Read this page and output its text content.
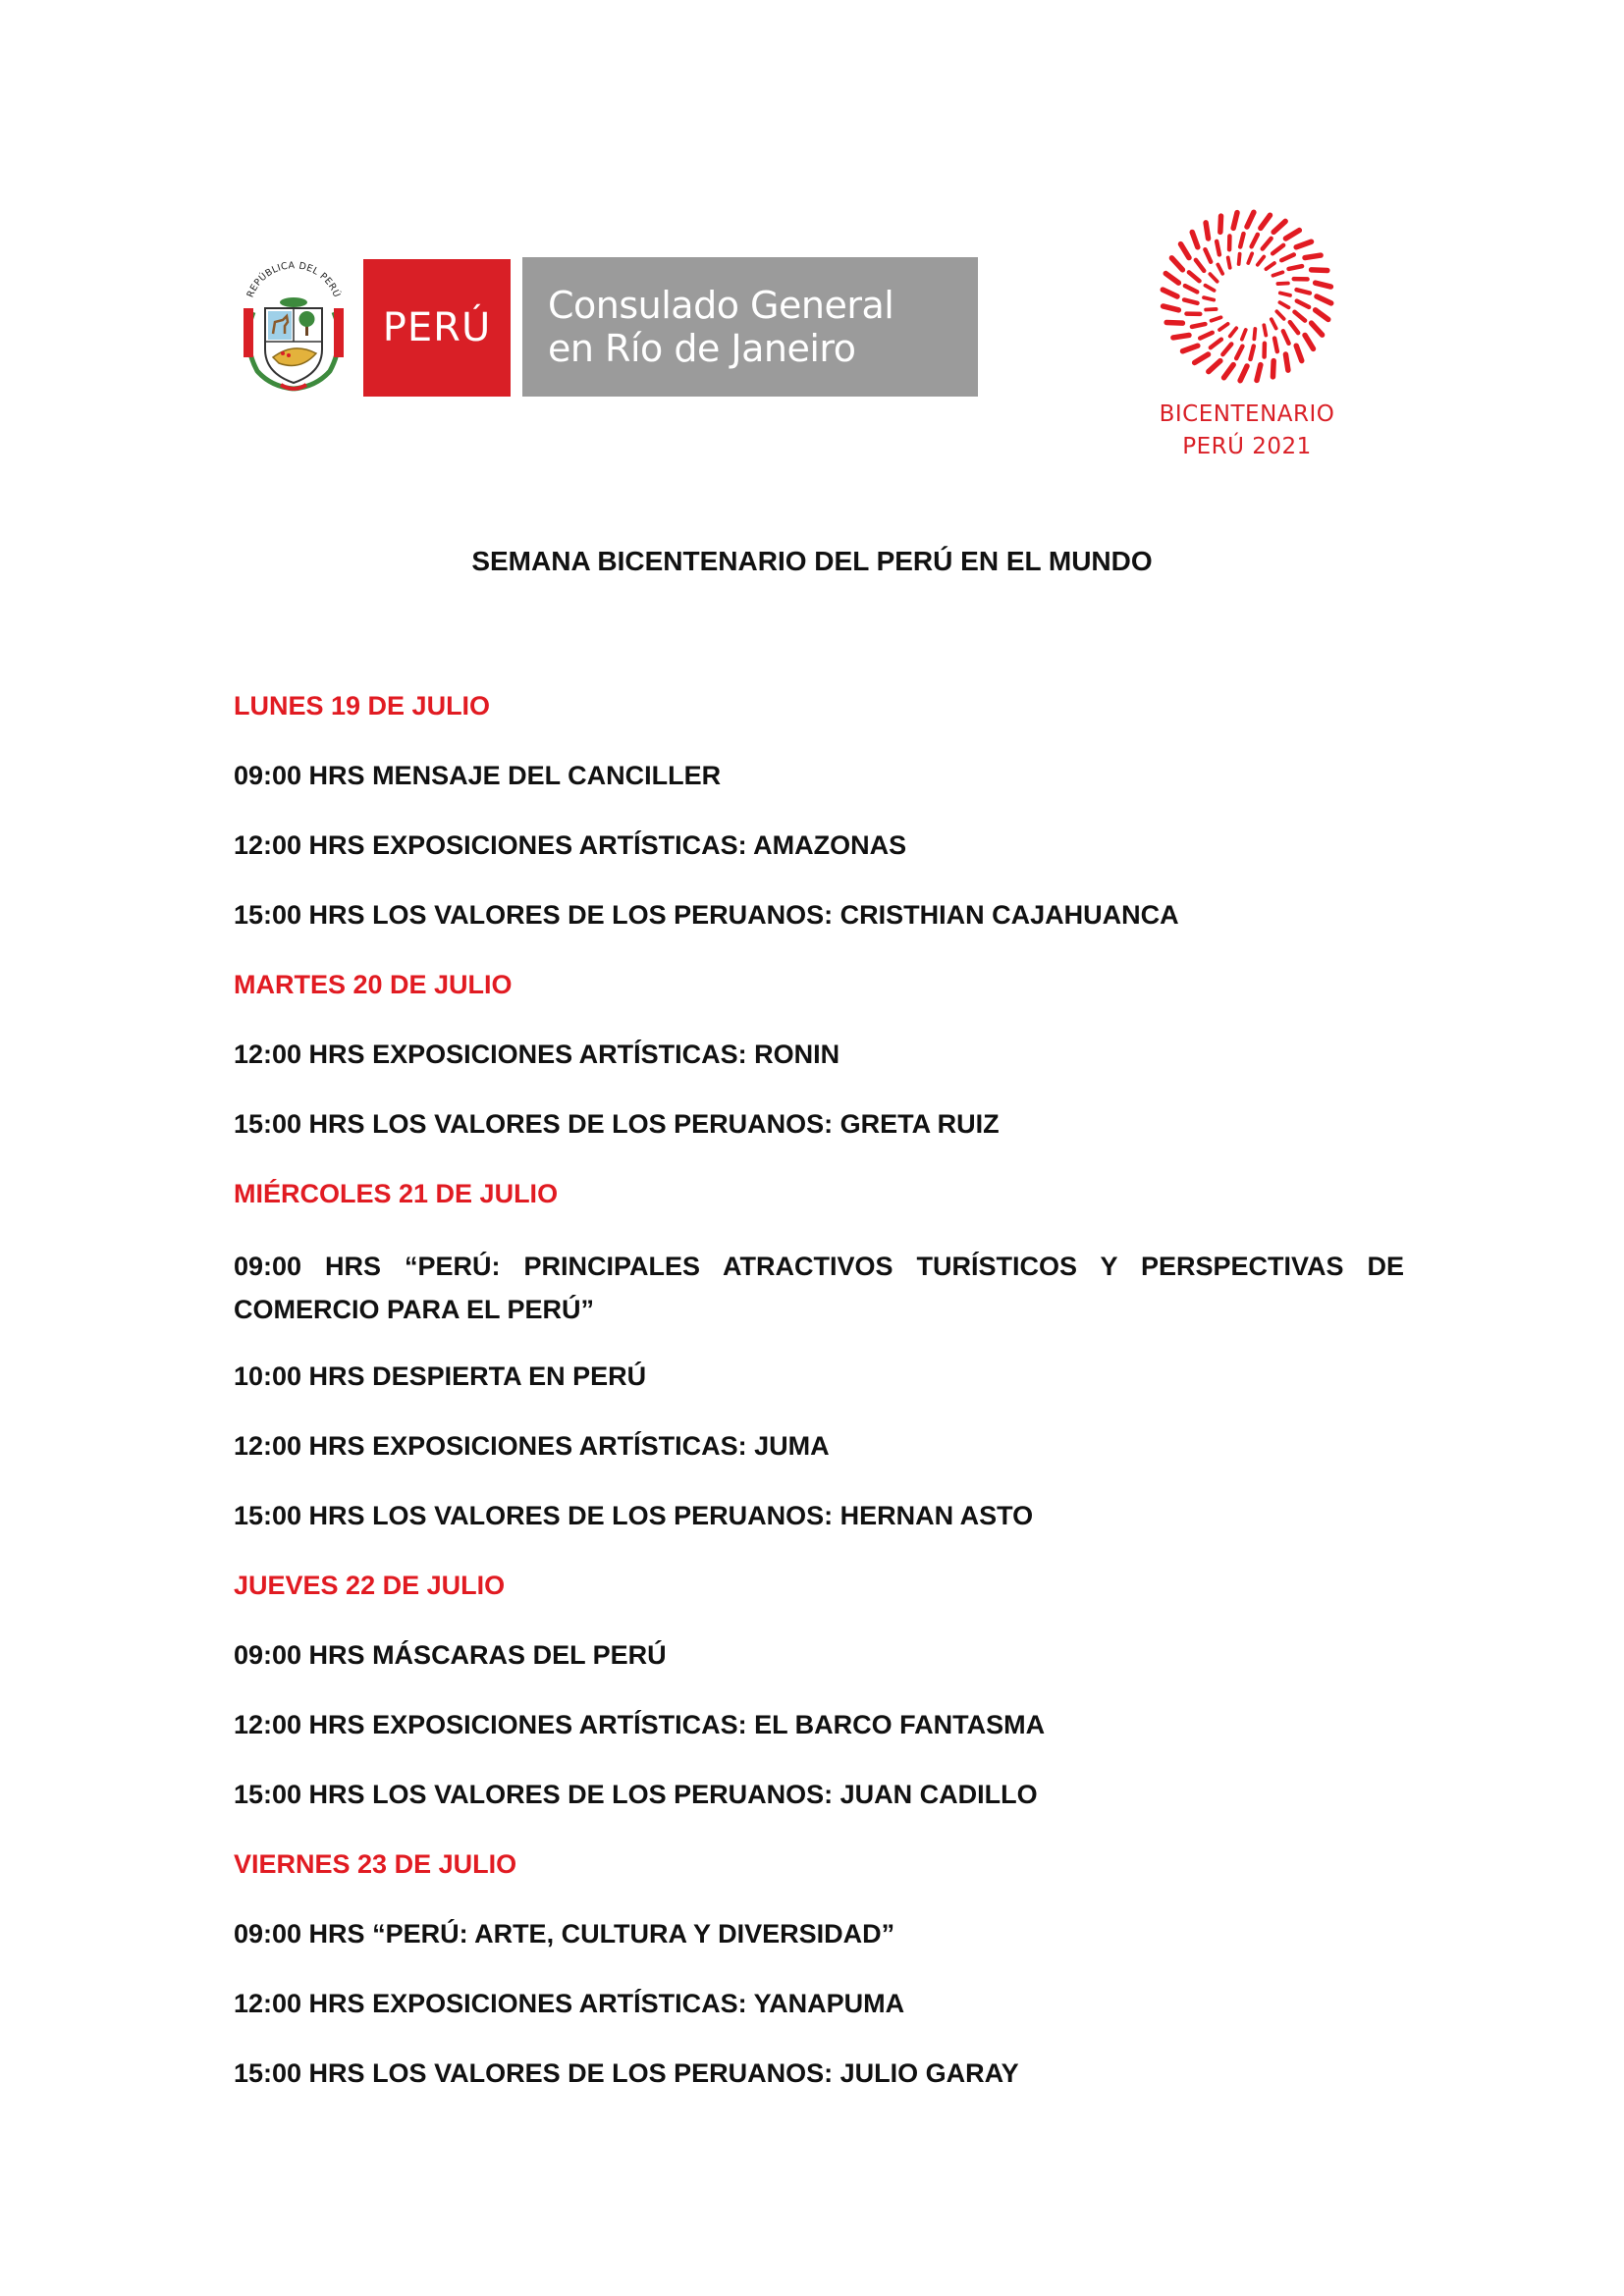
REPÚBLICA DEL PERÚ
PERÚ Consulado General
en Río de Janeiro
BICENTENARIO
PERÚ 2021
SEMANA BICENTENARIO DEL PERÚ EN EL MUNDO

LUNES 19 DE JULIO

09:00 HRS MENSAJE DEL CANCILLER

12:00 HRS EXPOSICIONES ARTÍSTICAS: AMAZONAS

15:00 HRS LOS VALORES DE LOS PERUANOS: CRISTHIAN CAJAHUANCA

MARTES 20 DE JULIO

12:00 HRS EXPOSICIONES ARTÍSTICAS: RONIN

15:00 HRS LOS VALORES DE LOS PERUANOS: GRETA RUIZ

MIÉRCOLES 21 DE JULIO

09:00 HRS “PERÚ: PRINCIPALES ATRACTIVOS TURÍSTICOS Y PERSPECTIVAS DE COMERCIO PARA EL PERÚ”

10:00 HRS DESPIERTA EN PERÚ

12:00 HRS EXPOSICIONES ARTÍSTICAS: JUMA

15:00 HRS LOS VALORES DE LOS PERUANOS: HERNAN ASTO

JUEVES 22 DE JULIO

09:00 HRS MÁSCARAS DEL PERÚ

12:00 HRS EXPOSICIONES ARTÍSTICAS: EL BARCO FANTASMA

15:00 HRS LOS VALORES DE LOS PERUANOS: JUAN CADILLO

VIERNES 23 DE JULIO

09:00 HRS “PERÚ: ARTE, CULTURA Y DIVERSIDAD”

12:00 HRS EXPOSICIONES ARTÍSTICAS: YANAPUMA

15:00 HRS LOS VALORES DE LOS PERUANOS: JULIO GARAY
